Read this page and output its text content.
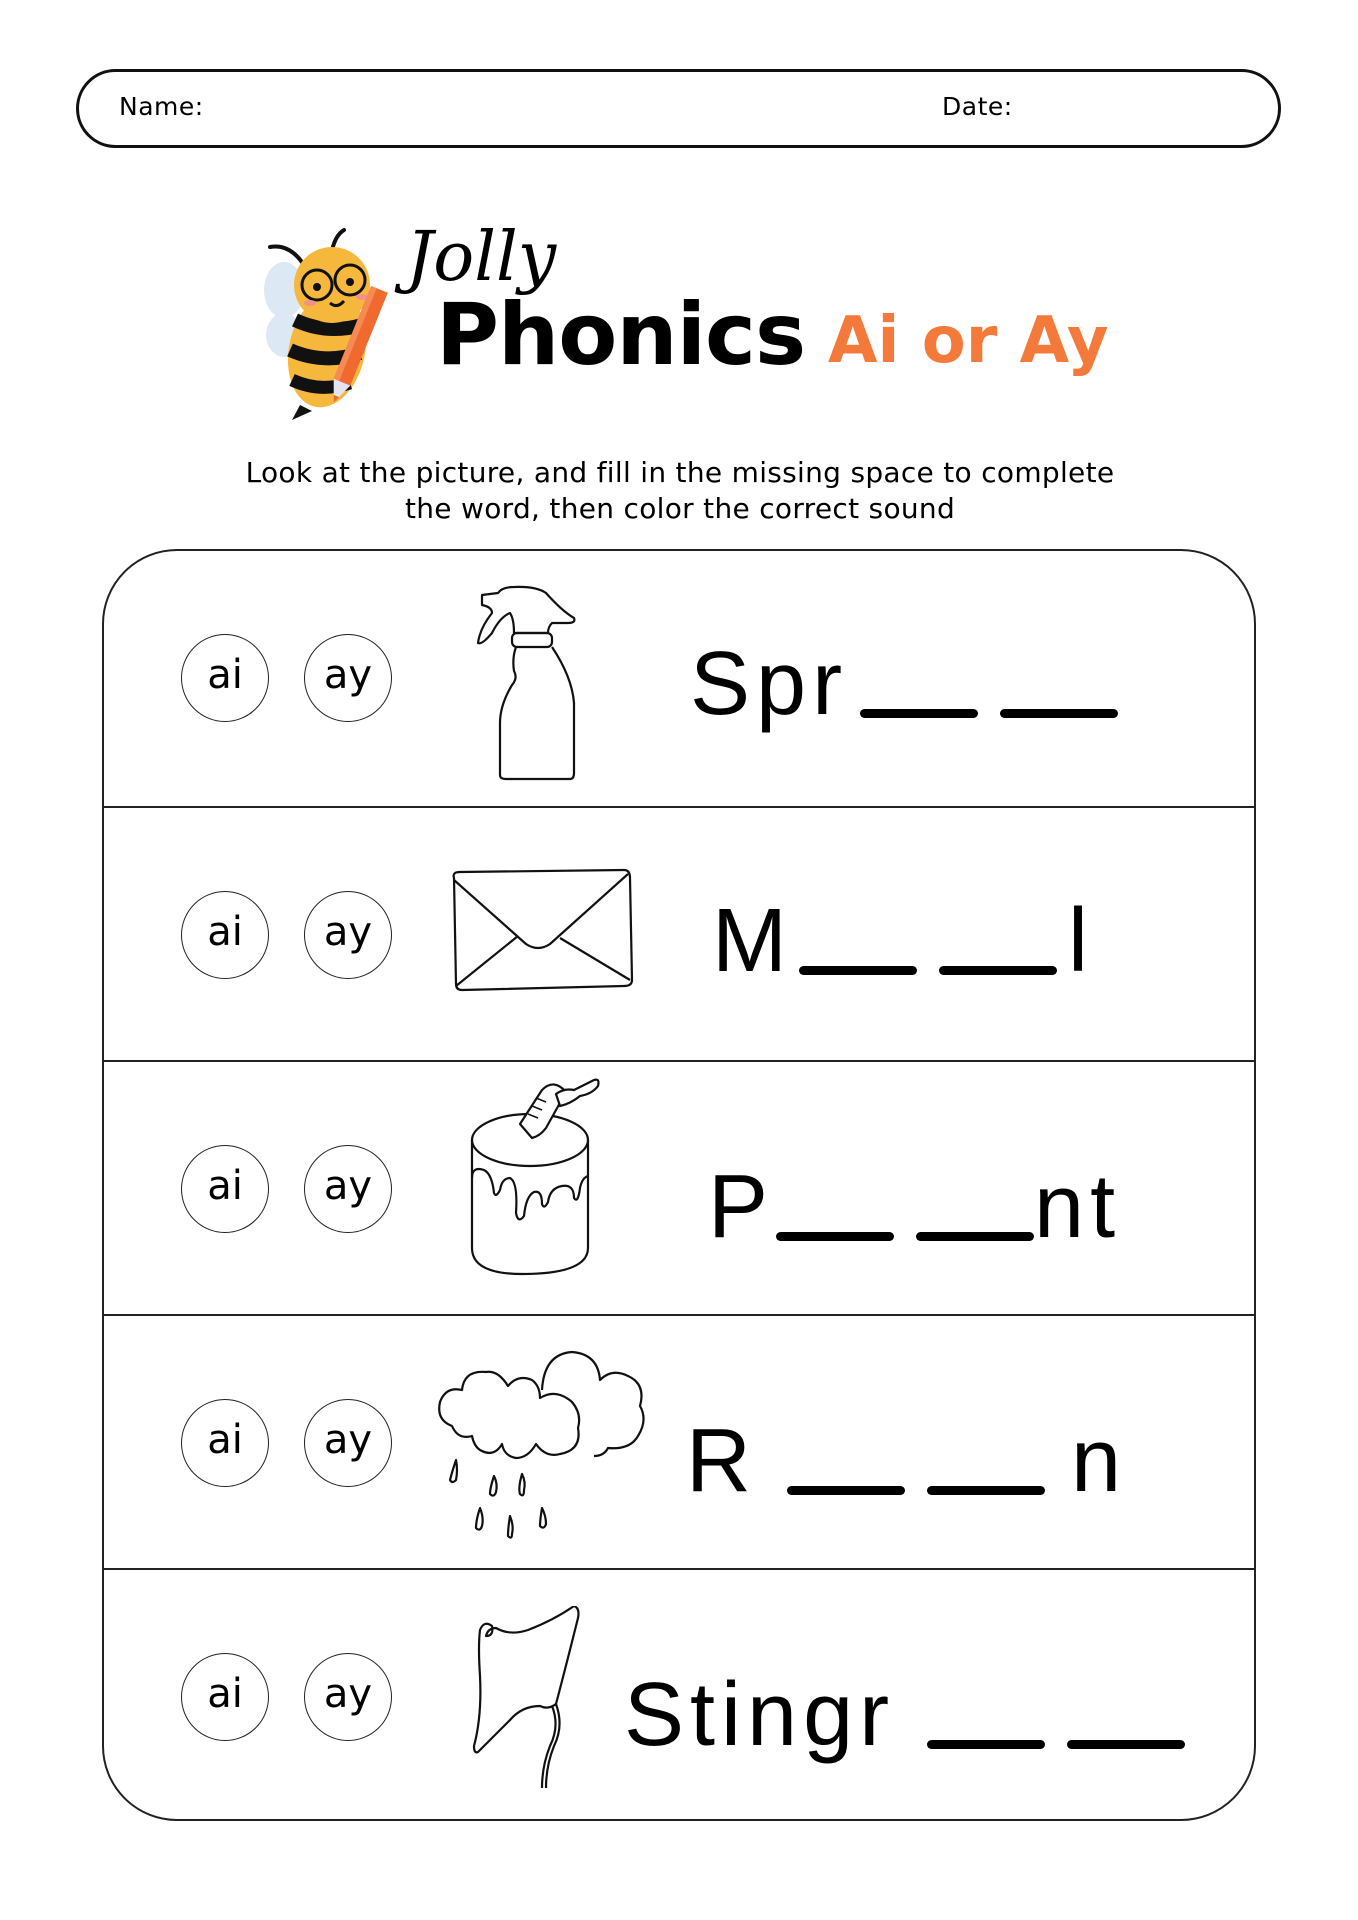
Name:	Date:
Jolly
Phonics Ai or Ay
Look at the picture, and fill in the missing space to complete
the word, then color the correct sound
ai	ay	Spr
ai	ay	M	l
ai	ay	P	nt
ai	ay	R	n
ai	ay	Stingr
